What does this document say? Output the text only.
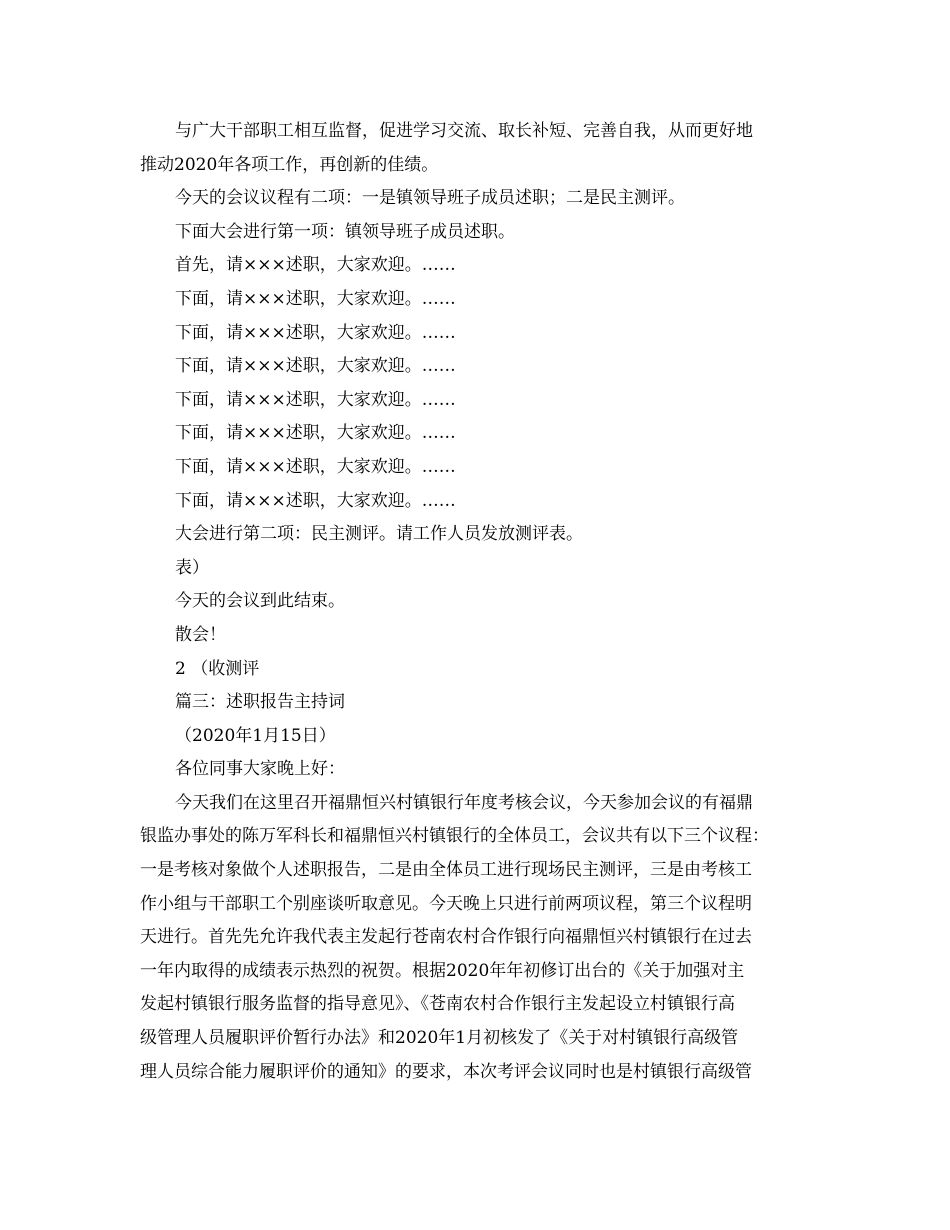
与广大干部职工相互监督，促进学习交流、取长补短、完善自我，从而更好地
推动2020年各项工作，再创新的佳绩。
今天的会议议程有二项：一是镇领导班子成员述职；二是民主测评。
下面大会进行第一项：镇领导班子成员述职。
首先，请×××述职，大家欢迎。……
下面，请×××述职，大家欢迎。……
下面，请×××述职，大家欢迎。……
下面，请×××述职，大家欢迎。……
下面，请×××述职，大家欢迎。……
下面，请×××述职，大家欢迎。……
下面，请×××述职，大家欢迎。……
下面，请×××述职，大家欢迎。……
大会进行第二项：民主测评。请工作人员发放测评表。
表）
今天的会议到此结束。
散会！
2 （收测评
篇三：述职报告主持词
（2020年1月15日）
各位同事大家晚上好：
今天我们在这里召开福鼎恒兴村镇银行年度考核会议，今天参加会议的有福鼎
银监办事处的陈万军科长和福鼎恒兴村镇银行的全体员工，会议共有以下三个议程：
一是考核对象做个人述职报告，二是由全体员工进行现场民主测评，三是由考核工
作小组与干部职工个别座谈听取意见。今天晚上只进行前两项议程，第三个议程明
天进行。首先先允许我代表主发起行苍南农村合作银行向福鼎恒兴村镇银行在过去
一年内取得的成绩表示热烈的祝贺。根据2020年年初修订出台的《关于加强对主
发起村镇银行服务监督的指导意见》、《苍南农村合作银行主发起设立村镇银行高
级管理人员履职评价暂行办法》和2020年1月初核发了《关于对村镇银行高级管
理人员综合能力履职评价的通知》的要求，本次考评会议同时也是村镇银行高级管
